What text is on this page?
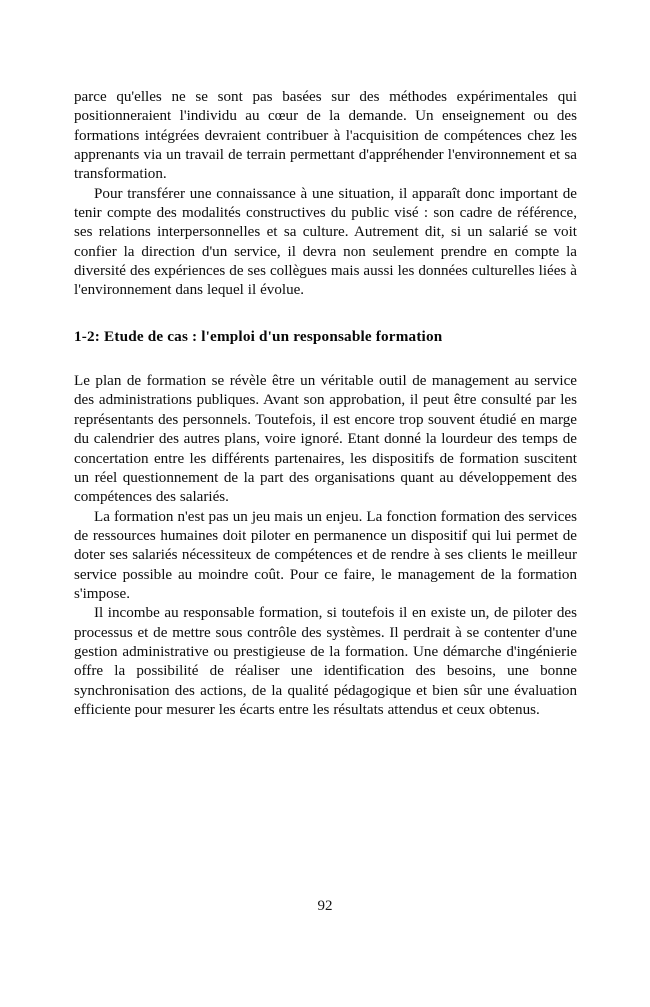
parce qu'elles ne se sont pas basées sur des méthodes expérimentales qui positionneraient l'individu au cœur de la demande. Un enseignement ou des formations intégrées devraient contribuer à l'acquisition de compétences chez les apprenants via un travail de terrain permettant d'appréhender l'environnement et sa transformation.

Pour transférer une connaissance à une situation, il apparaît donc important de tenir compte des modalités constructives du public visé : son cadre de référence, ses relations interpersonnelles et sa culture. Autrement dit, si un salarié se voit confier la direction d'un service, il devra non seulement prendre en compte la diversité des expériences de ses collègues mais aussi les données culturelles liées à l'environnement dans lequel il évolue.

1-2: Etude de cas : l'emploi d'un responsable formation

Le plan de formation se révèle être un véritable outil de management au service des administrations publiques. Avant son approbation, il peut être consulté par les représentants des personnels. Toutefois, il est encore trop souvent étudié en marge du calendrier des autres plans, voire ignoré. Etant donné la lourdeur des temps de concertation entre les différents partenaires, les dispositifs de formation suscitent un réel questionnement de la part des organisations quant au développement des compétences des salariés.

La formation n'est pas un jeu mais un enjeu. La fonction formation des services de ressources humaines doit piloter en permanence un dispositif qui lui permet de doter ses salariés nécessiteux de compétences et de rendre à ses clients le meilleur service possible au moindre coût. Pour ce faire, le management de la formation s'impose.

Il incombe au responsable formation, si toutefois il en existe un, de piloter des processus et de mettre sous contrôle des systèmes. Il perdrait à se contenter d'une gestion administrative ou prestigieuse de la formation. Une démarche d'ingénierie offre la possibilité de réaliser une identification des besoins, une bonne synchronisation des actions, de la qualité pédagogique et bien sûr une évaluation efficiente pour mesurer les écarts entre les résultats attendus et ceux obtenus.

92
